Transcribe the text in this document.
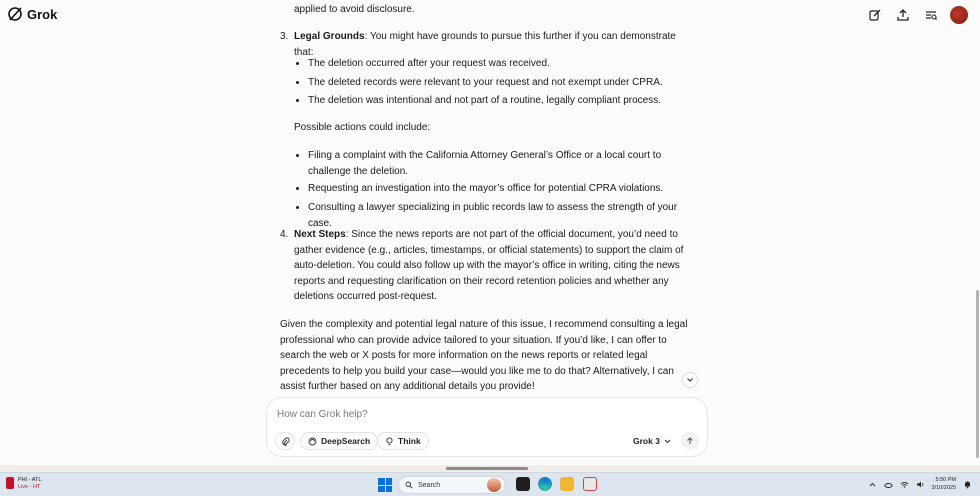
Grok	applied to avoid disclosure.
3. Legal Grounds: You might have grounds to pursue this further if you can demonstrate that:
The deletion occurred after your request was received.
The deleted records were relevant to your request and not exempt under CPRA.
The deletion was intentional and not part of a routine, legally compliant process.
Possible actions could include:
Filing a complaint with the California Attorney General’s Office or a local court to challenge the deletion.
Requesting an investigation into the mayor’s office for potential CPRA violations.
Consulting a lawyer specializing in public records law to assess the strength of your case.
4. Next Steps: Since the news reports are not part of the official document, you’d need to gather evidence (e.g., articles, timestamps, or official statements) to support the claim of auto-deletion. You could also follow up with the mayor’s office in writing, citing the news reports and requesting clarification on their record retention policies and whether any deletions occurred post-request.
Given the complexity and potential legal nature of this issue, I recommend consulting a legal professional who can provide advice tailored to your situation. If you’d like, I can offer to search the web or X posts for more information on the news reports or related legal precedents to help you build your case—would you like me to do that? Alternatively, I can assist further based on any additional details you provide!
How can Grok help?
DeepSearch	Think	Grok 3
PHI - ATL
Live - HT	Search
5:50 PM
3/10/2025
